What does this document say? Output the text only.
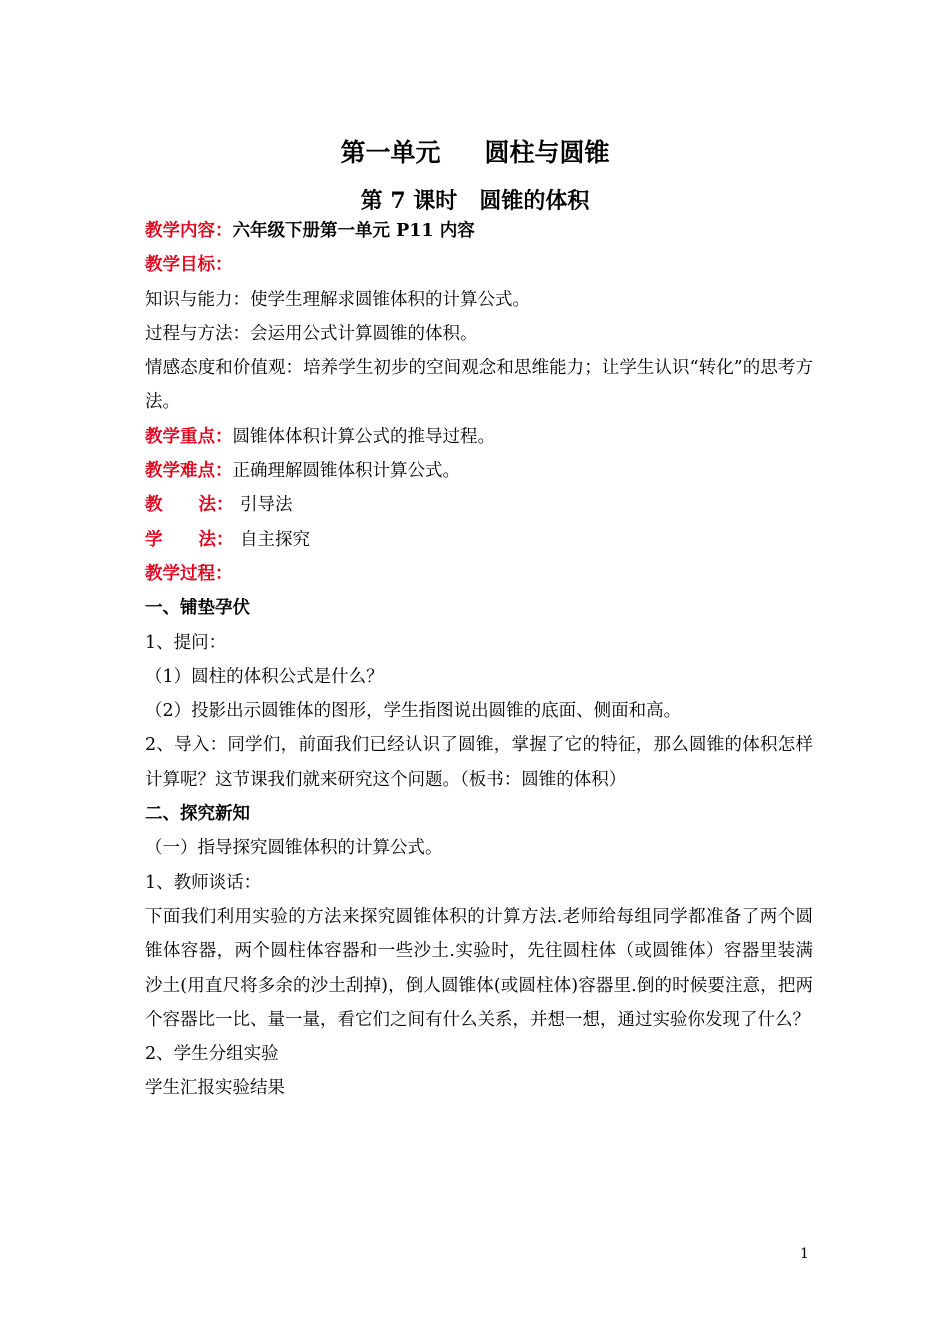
第一单元 圆柱与圆锥
第 7 课时 圆锥的体积
教学内容：六年级下册第一单元 P11 内容
教学目标：
知识与能力：使学生理解求圆锥体积的计算公式。
过程与方法：会运用公式计算圆锥的体积。
情感态度和价值观：培养学生初步的空间观念和思维能力；让学生认识“转化”的思考方法。
教学重点：圆锥体体积计算公式的推导过程。
教学难点：正确理解圆锥体积计算公式。
教 法： 引导法
学 法： 自主探究
教学过程：
一、铺垫孕伏
1、提问：
（1）圆柱的体积公式是什么？
（2）投影出示圆锥体的图形，学生指图说出圆锥的底面、侧面和高。
2、导入：同学们，前面我们已经认识了圆锥，掌握了它的特征，那么圆锥的体积怎样计算呢？这节课我们就来研究这个问题。（板书：圆锥的体积）
二、探究新知
（一）指导探究圆锥体积的计算公式。
1、教师谈话：
下面我们利用实验的方法来探究圆锥体积的计算方法.老师给每组同学都准备了两个圆锥体容器，两个圆柱体容器和一些沙土.实验时，先往圆柱体（或圆锥体）容器里装满沙土(用直尺将多余的沙土刮掉)，倒人圆锥体(或圆柱体)容器里.倒的时候要注意，把两个容器比一比、量一量，看它们之间有什么关系，并想一想，通过实验你发现了什么？
2、学生分组实验
学生汇报实验结果
1
